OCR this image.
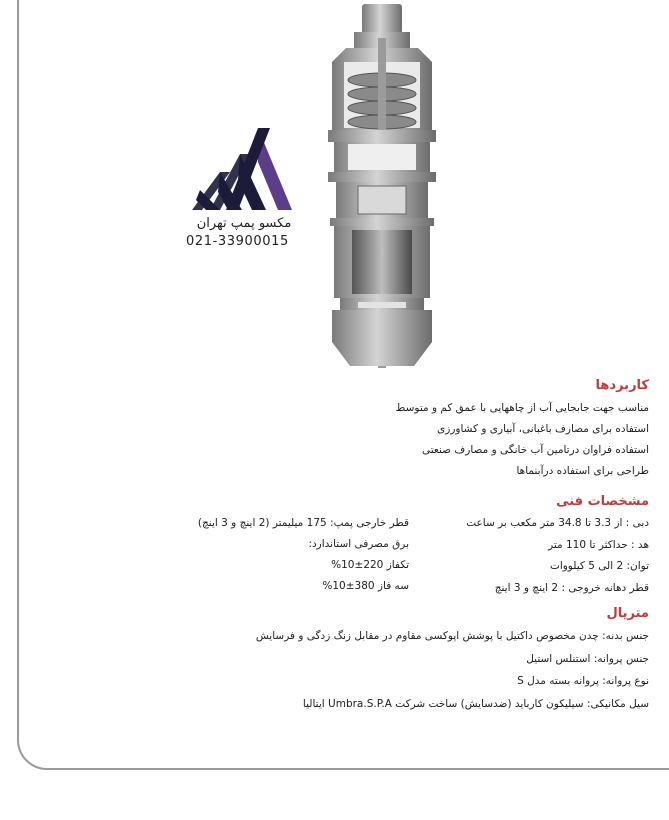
مکسو پمپ تهران
021-33900015
کاربردها
مناسب جهت جابجایی آب از چاههایی با عمق کم و متوسط
استفاده برای مصارف باغبانی، آبیاری و کشاورزی
استفاده فراوان درتامین آب خانگی و مصارف صنعتی
طراحی برای استفاده درآبنماها
مشخصات فنی
دبی : از 3.3 تا 34.8 متر مکعب بر ساعت
هد : حداکثر تا 110 متر
توان: 2 الی 5 کیلووات
قطر دهانه خروجی : 2 اینچ و 3 اینچ
قطر خارجی پمپ: 175 میلیمتر (2 اینچ و 3 اینچ)
برق مصرفی استاندارد:
تکفاز 220±10%
سه فاز 380±10%
متریال
جنس بدنه: چدن مخصوص داکتیل با پوشش اپوکسی مقاوم در مقابل زنگ زدگی و فرسایش
جنس پروانه: استنلس استیل
نوع پروانه: پروانه بسته مدل S
سیل مکانیکی: سیلیکون کارباید (ضدسایش) ساخت شرکت Umbra.S.P.A ایتالیا
